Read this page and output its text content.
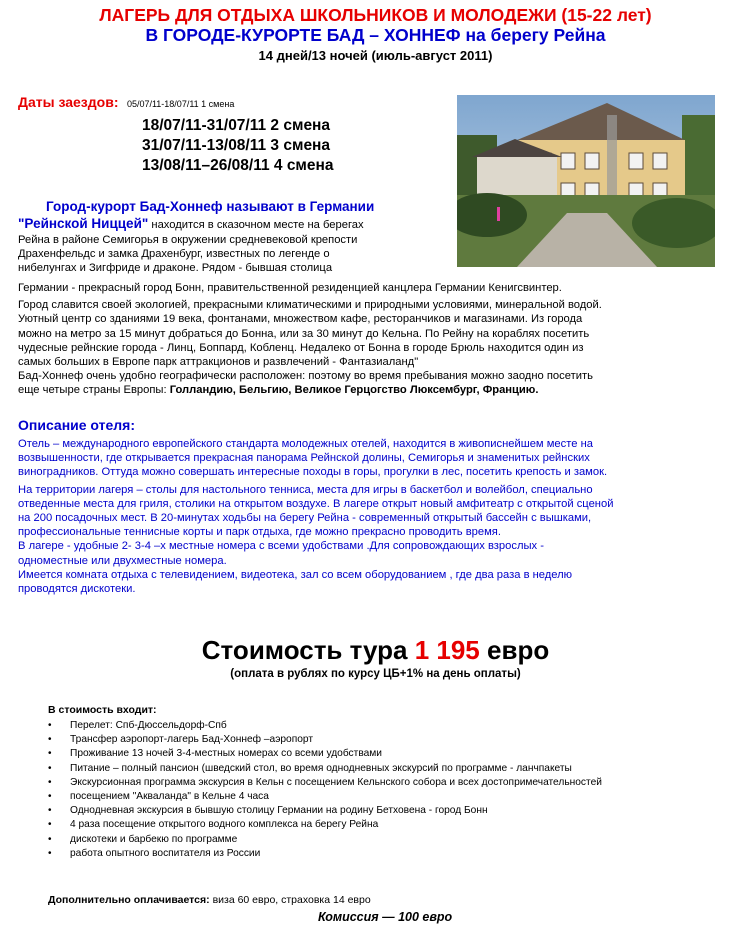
ЛАГЕРЬ ДЛЯ ОТДЫХА ШКОЛЬНИКОВ И МОЛОДЕЖИ (15-22 лет)
В ГОРОДЕ-КУРОРТЕ БАД – ХОННЕФ на берегу Рейна
14 дней/13 ночей (июль-август 2011)
Даты заездов: 05/07/11-18/07/11 1 смена
18/07/11-31/07/11 2 смена
31/07/11-13/08/11 3 смена
13/08/11–26/08/11 4 смена
Город-курорт Бад-Хоннеф называют в Германии
"Рейнской Ниццей" находится в сказочном месте на берегах
Рейна в районе Семигорья в окружении средневековой крепости
Драхенфельдс и замка Драхенбург, известных по легенде о
нибелунгах и Зигфриде и драконе. Рядом - бывшая столица
Германии - прекрасный город Бонн, правительственной резиденцией канцлера Германии Кенигсвинтер.
Город славится своей экологией, прекрасными климатическими и природными условиями, минеральной водой.
Уютный центр со зданиями 19 века, фонтанами, множеством кафе, ресторанчиков и магазинами. Из города
можно на метро за 15 минут добраться до Бонна, или за 30 минут до Кельна. По Рейну на кораблях посетить
чудесные рейнские города - Линц, Боппард, Кобленц. Недалеко от Бонна в городе Брюль находится один из
самых больших в Европе парк аттракционов и развлечений - Фантазиаланд"
Бад-Хоннеф очень удобно географически расположен: поэтому во время пребывания можно заодно посетить
еще четыре страны Европы: Голландию, Бельгию, Великое Герцогство Люксембург, Францию.
Описание отеля:
Отель – международного европейского стандарта молодежных отелей, находится в живописнейшем месте на
возвышенности, где открывается прекрасная панорама Рейнской долины, Семигорья и знаменитых рейнских
виноградников. Оттуда можно совершать интересные походы в горы, прогулки в лес, посетить крепость и замок.
На территории лагеря – столы для настольного тенниса, места для игры в баскетбол и волейбол, специально
отведенные места для гриля, столики на открытом воздухе. В лагере открыт новый амфитеатр с открытой сценой
на 200 посадочных мест. В 20-минутах ходьбы на берегу Рейна - современный открытый бассейн с вышками,
профессиональные теннисные корты и парк отдыха, где можно прекрасно проводить время.
В лагере - удобные 2- 3-4 –х местные номера с всеми удобствами .Для сопровождающих взрослых -
одноместные или двухместные номера.
Имеется комната отдыха с телевидением, видеотека, зал со всем оборудованием , где два раза в неделю
проводятся дискотеки.
Стоимость тура 1 195 евро
(оплата в рублях по курсу ЦБ+1% на день оплаты)
В стоимость входит:
• Перелет: Спб-Дюссельдорф-Спб
• Трансфер аэропорт-лагерь Бад-Хоннеф –аэропорт
• Проживание 13 ночей 3-4-местных номерах со всеми удобствами
• Питание – полный пансион (шведский стол, во время однодневных экскурсий по программе - ланчпакеты
• Экскурсионная программа экскурсия в Кельн с посещением Кельнского собора и всех достопримечательностей
• посещением "Акваланда" в Кельне 4 часа
• Однодневная экскурсия в бывшую столицу Германии на родину Бетховена - город Бонн
• 4 раза посещение открытого водного комплекса на берегу Рейна
• дискотеки и барбекю по программе
• работа опытного воспитателя из России
Дополнительно оплачивается: виза 60 евро, страховка 14 евро
Комиссия — 100 евро
